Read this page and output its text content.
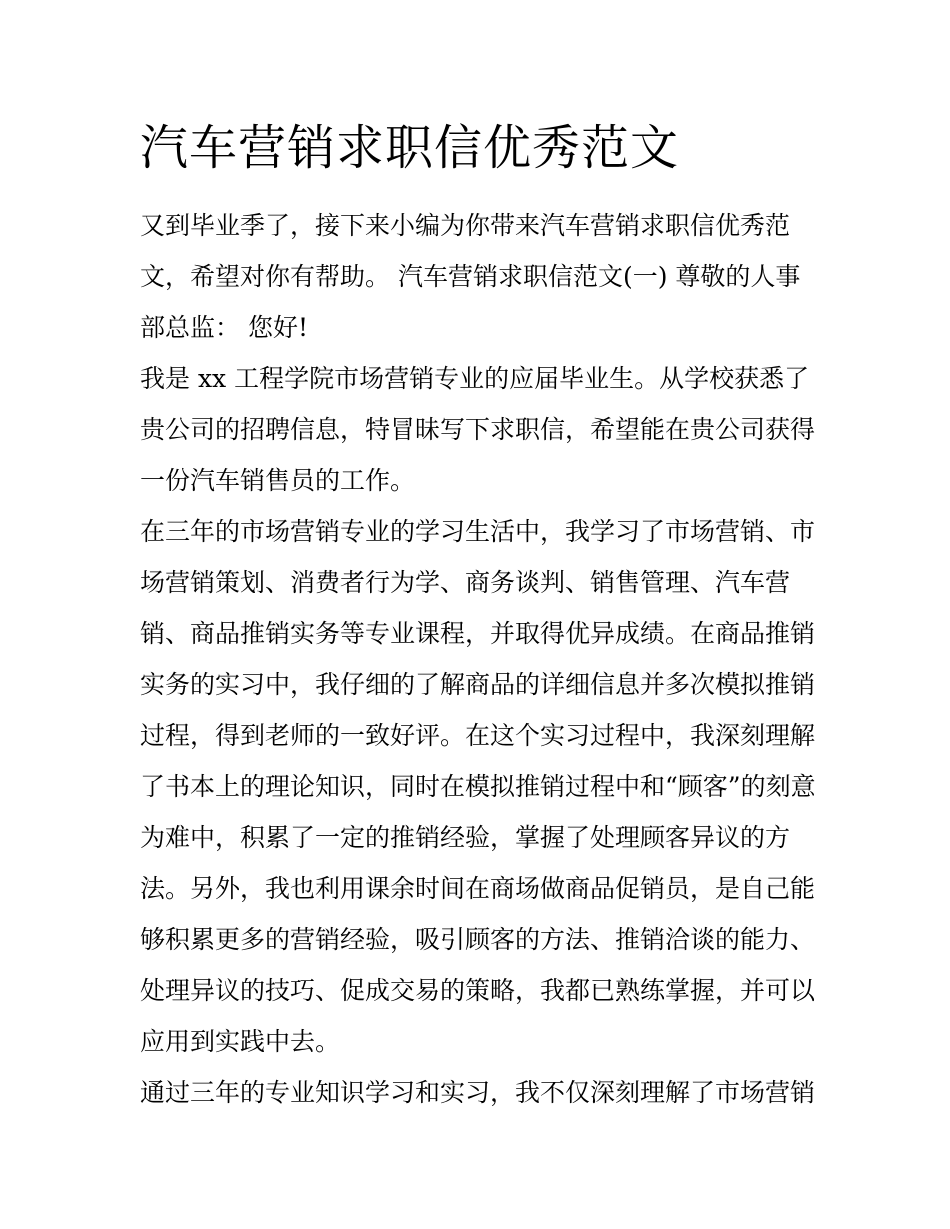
汽车营销求职信优秀范文
又到毕业季了，接下来小编为你带来汽车营销求职信优秀范
文，希望对你有帮助。 汽车营销求职信范文(一) 尊敬的人事
部总监： 您好!
我是 xx 工程学院市场营销专业的应届毕业生。从学校获悉了
贵公司的招聘信息，特冒昧写下求职信，希望能在贵公司获得
一份汽车销售员的工作。
在三年的市场营销专业的学习生活中，我学习了市场营销、市
场营销策划、消费者行为学、商务谈判、销售管理、汽车营
销、商品推销实务等专业课程，并取得优异成绩。在商品推销
实务的实习中，我仔细的了解商品的详细信息并多次模拟推销
过程，得到老师的一致好评。在这个实习过程中，我深刻理解
了书本上的理论知识，同时在模拟推销过程中和“顾客”的刻意
为难中，积累了一定的推销经验，掌握了处理顾客异议的方
法。另外，我也利用课余时间在商场做商品促销员，是自己能
够积累更多的营销经验，吸引顾客的方法、推销洽谈的能力、
处理异议的技巧、促成交易的策略，我都已熟练掌握，并可以
应用到实践中去。
通过三年的专业知识学习和实习，我不仅深刻理解了市场营销
